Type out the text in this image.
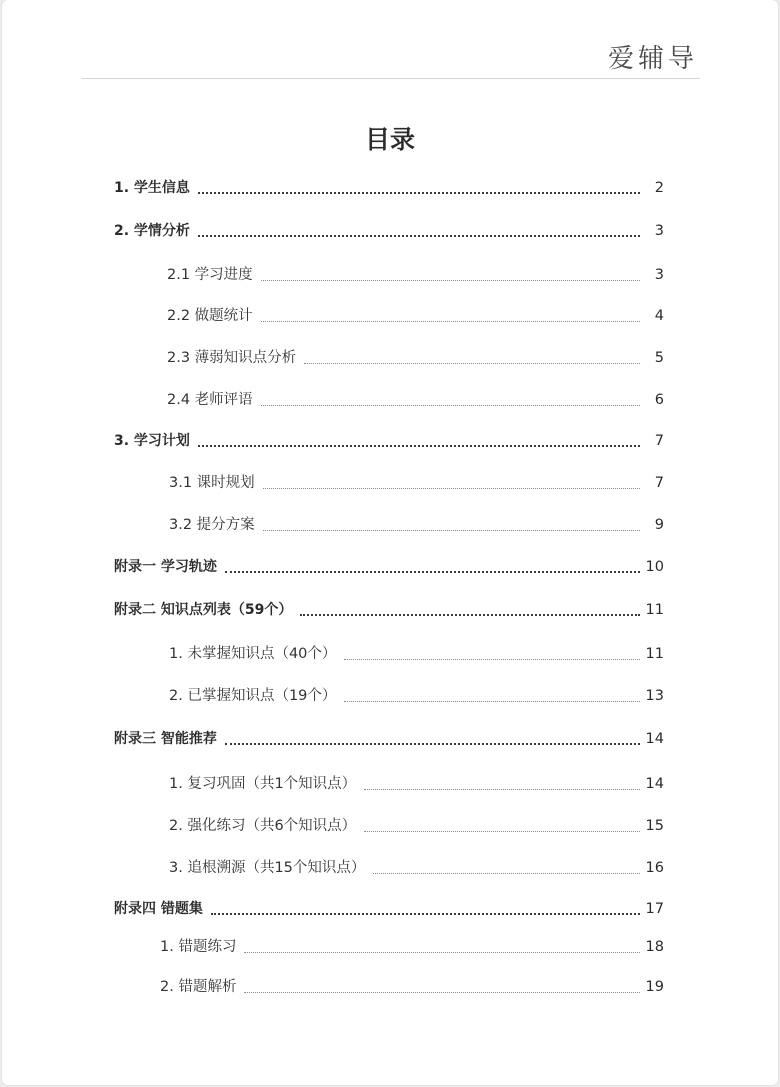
爱辅导
目录
1. 学生信息	2
2. 学情分析	3
2.1 学习进度	3
2.2 做题统计	4
2.3 薄弱知识点分析	5
2.4 老师评语	6
3. 学习计划	7
3.1 课时规划	7
3.2 提分方案	9
附录一 学习轨迹	10
附录二 知识点列表（59个）	11
1. 未掌握知识点（40个）	11
2. 已掌握知识点（19个）	13
附录三 智能推荐	14
1. 复习巩固（共1个知识点）	14
2. 强化练习（共6个知识点）	15
3. 追根溯源（共15个知识点）	16
附录四 错题集	17
1. 错题练习	18
2. 错题解析	19
